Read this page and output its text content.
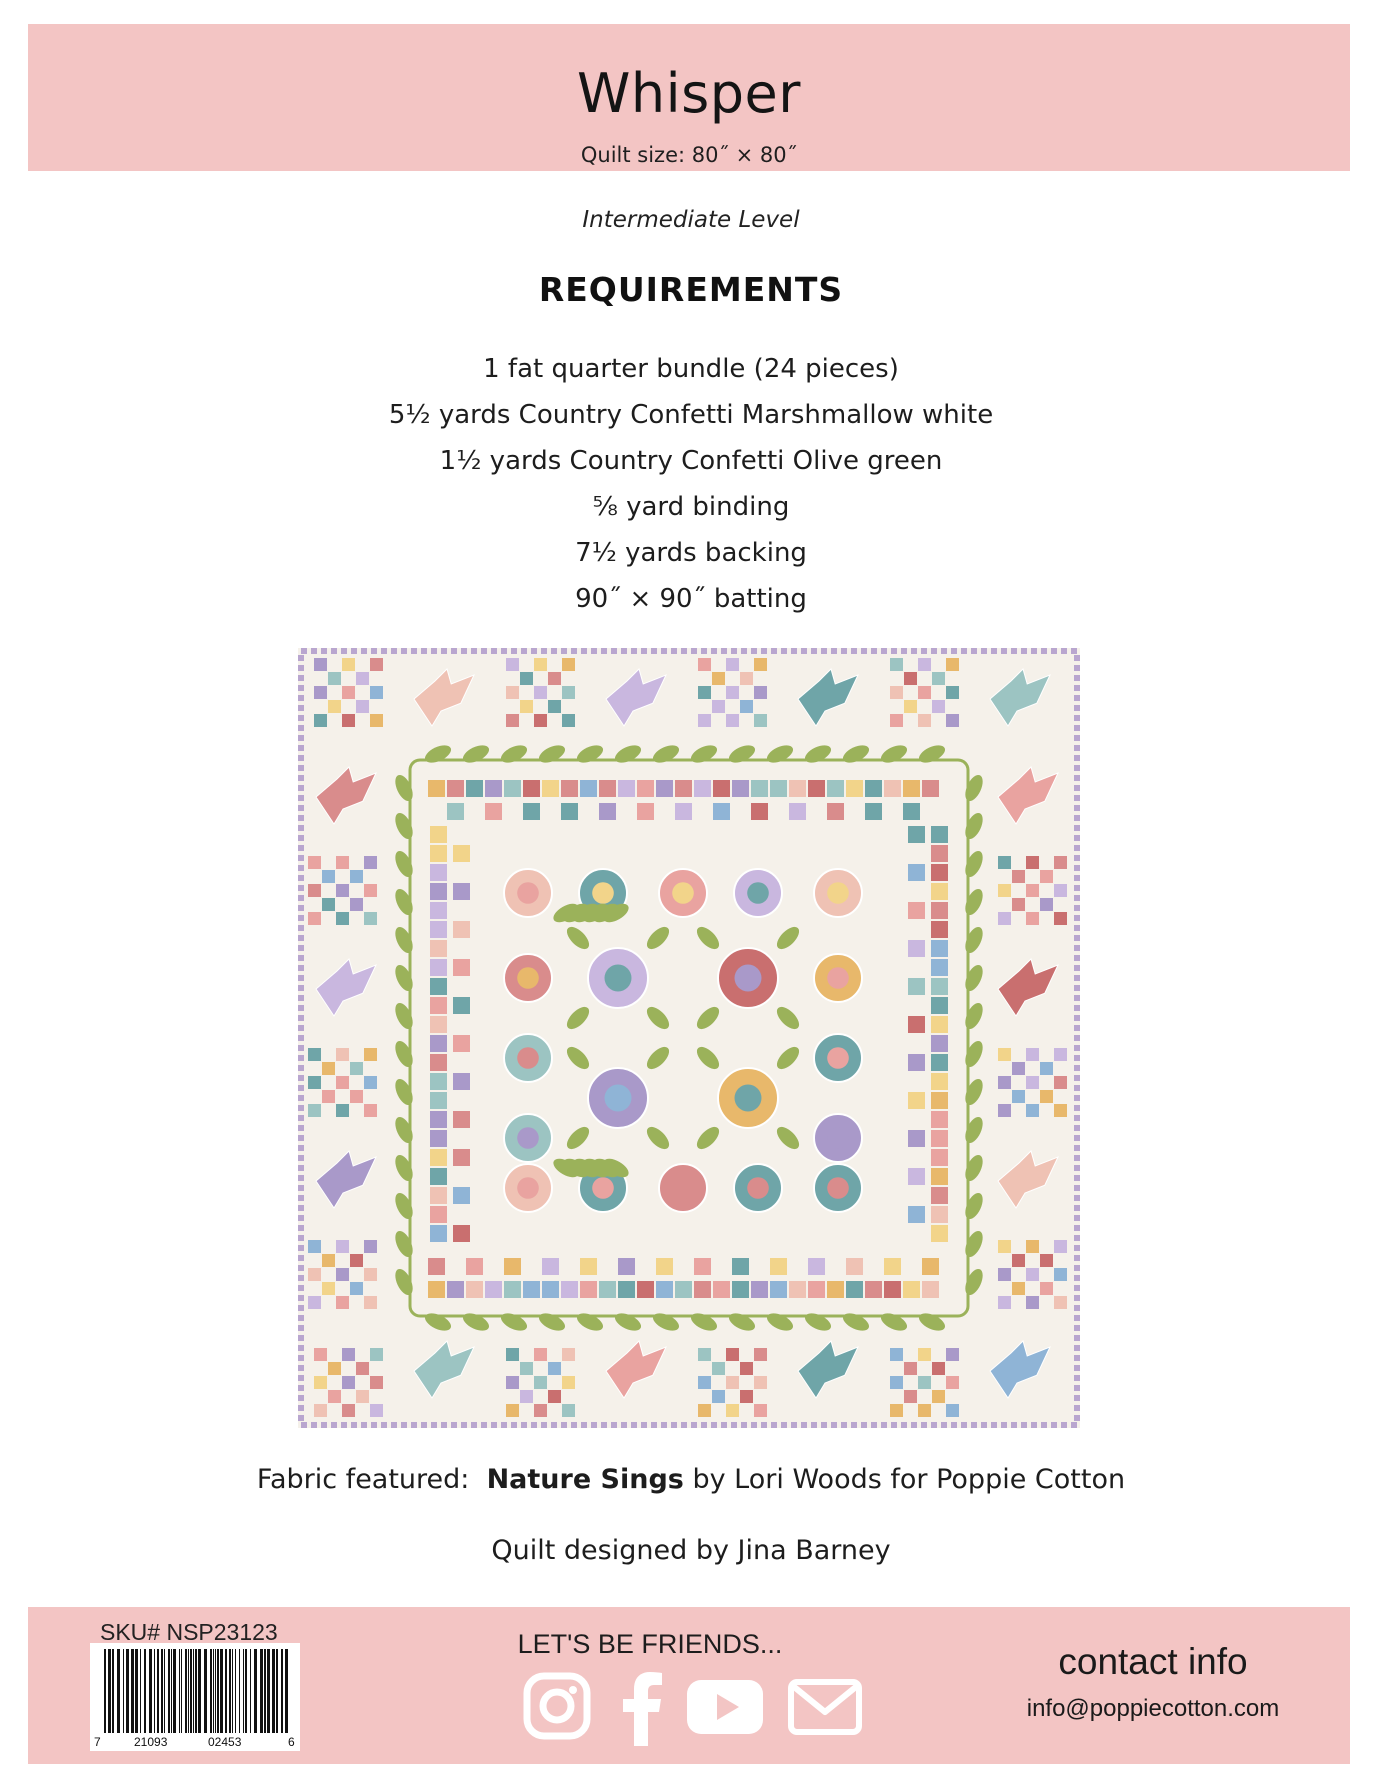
Whisper
Quilt size: 80˝ × 80˝
Intermediate Level
REQUIREMENTS
1 fat quarter bundle (24 pieces)
5½ yards Country Confetti Marshmallow white
1½ yards Country Confetti Olive green
⅝ yard binding
7½ yards backing
90˝ × 90˝ batting
Fabric featured: Nature Sings by Lori Woods for Poppie Cotton
Quilt designed by Jina Barney
SKU# NSP23123
7	21093	02453	6
LET'S BE FRIENDS...	contact info
info@poppiecotton.com
